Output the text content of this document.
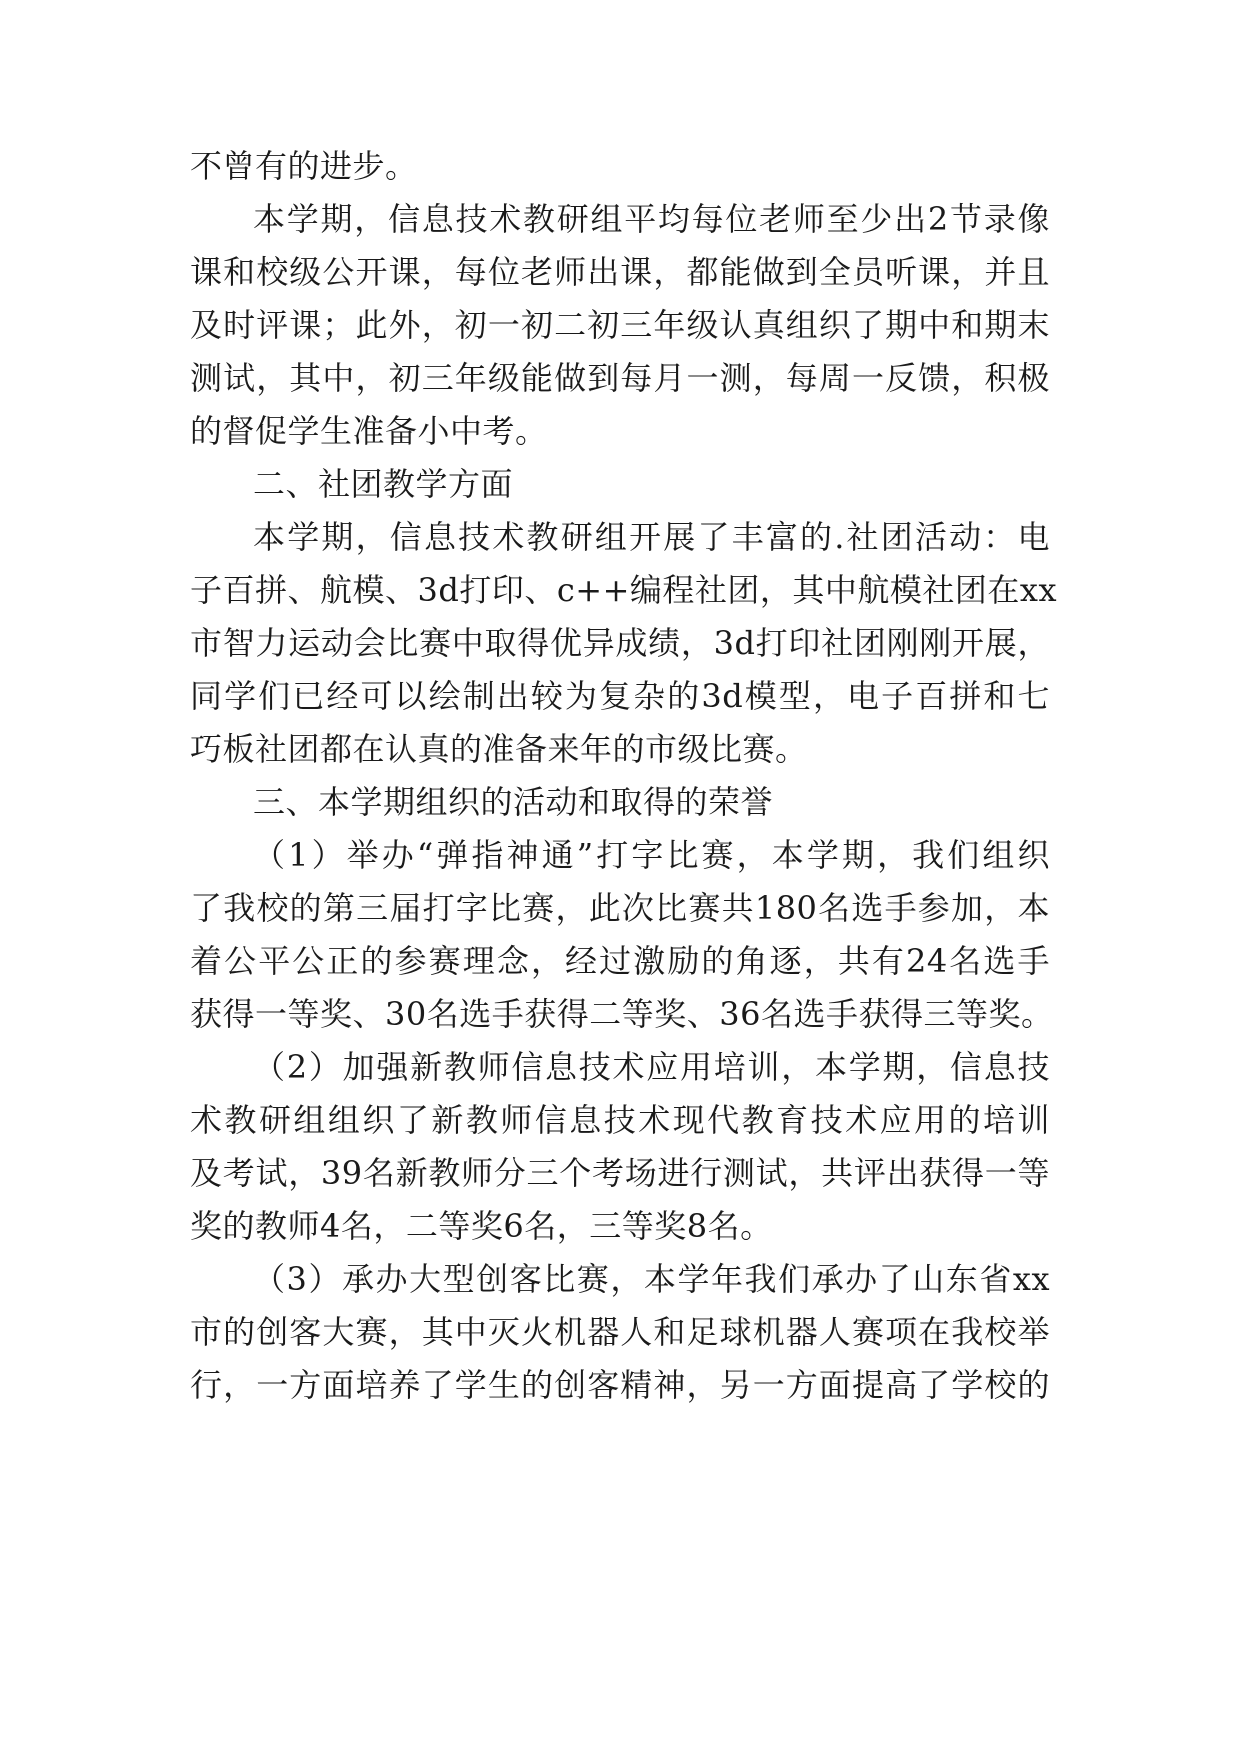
不曾有的进步。
本学期，信息技术教研组平均每位老师至少出2节录像
课和校级公开课，每位老师出课，都能做到全员听课，并且
及时评课；此外，初一初二初三年级认真组织了期中和期末
测试，其中，初三年级能做到每月一测，每周一反馈，积极
的督促学生准备小中考。
二、社团教学方面
本学期，信息技术教研组开展了丰富的.社团活动：电
子百拼、航模、3d打印、c++编程社团，其中航模社团在xx
市智力运动会比赛中取得优异成绩，3d打印社团刚刚开展，
同学们已经可以绘制出较为复杂的3d模型，电子百拼和七
巧板社团都在认真的准备来年的市级比赛。
三、本学期组织的活动和取得的荣誉
（1）举办“弹指神通”打字比赛，本学期，我们组织
了我校的第三届打字比赛，此次比赛共180名选手参加，本
着公平公正的参赛理念，经过激励的角逐，共有24名选手
获得一等奖、30名选手获得二等奖、36名选手获得三等奖。
（2）加强新教师信息技术应用培训，本学期，信息技
术教研组组织了新教师信息技术现代教育技术应用的培训
及考试，39名新教师分三个考场进行测试，共评出获得一等
奖的教师4名，二等奖6名，三等奖8名。
（3）承办大型创客比赛，本学年我们承办了山东省xx
市的创客大赛，其中灭火机器人和足球机器人赛项在我校举
行，一方面培养了学生的创客精神，另一方面提高了学校的
